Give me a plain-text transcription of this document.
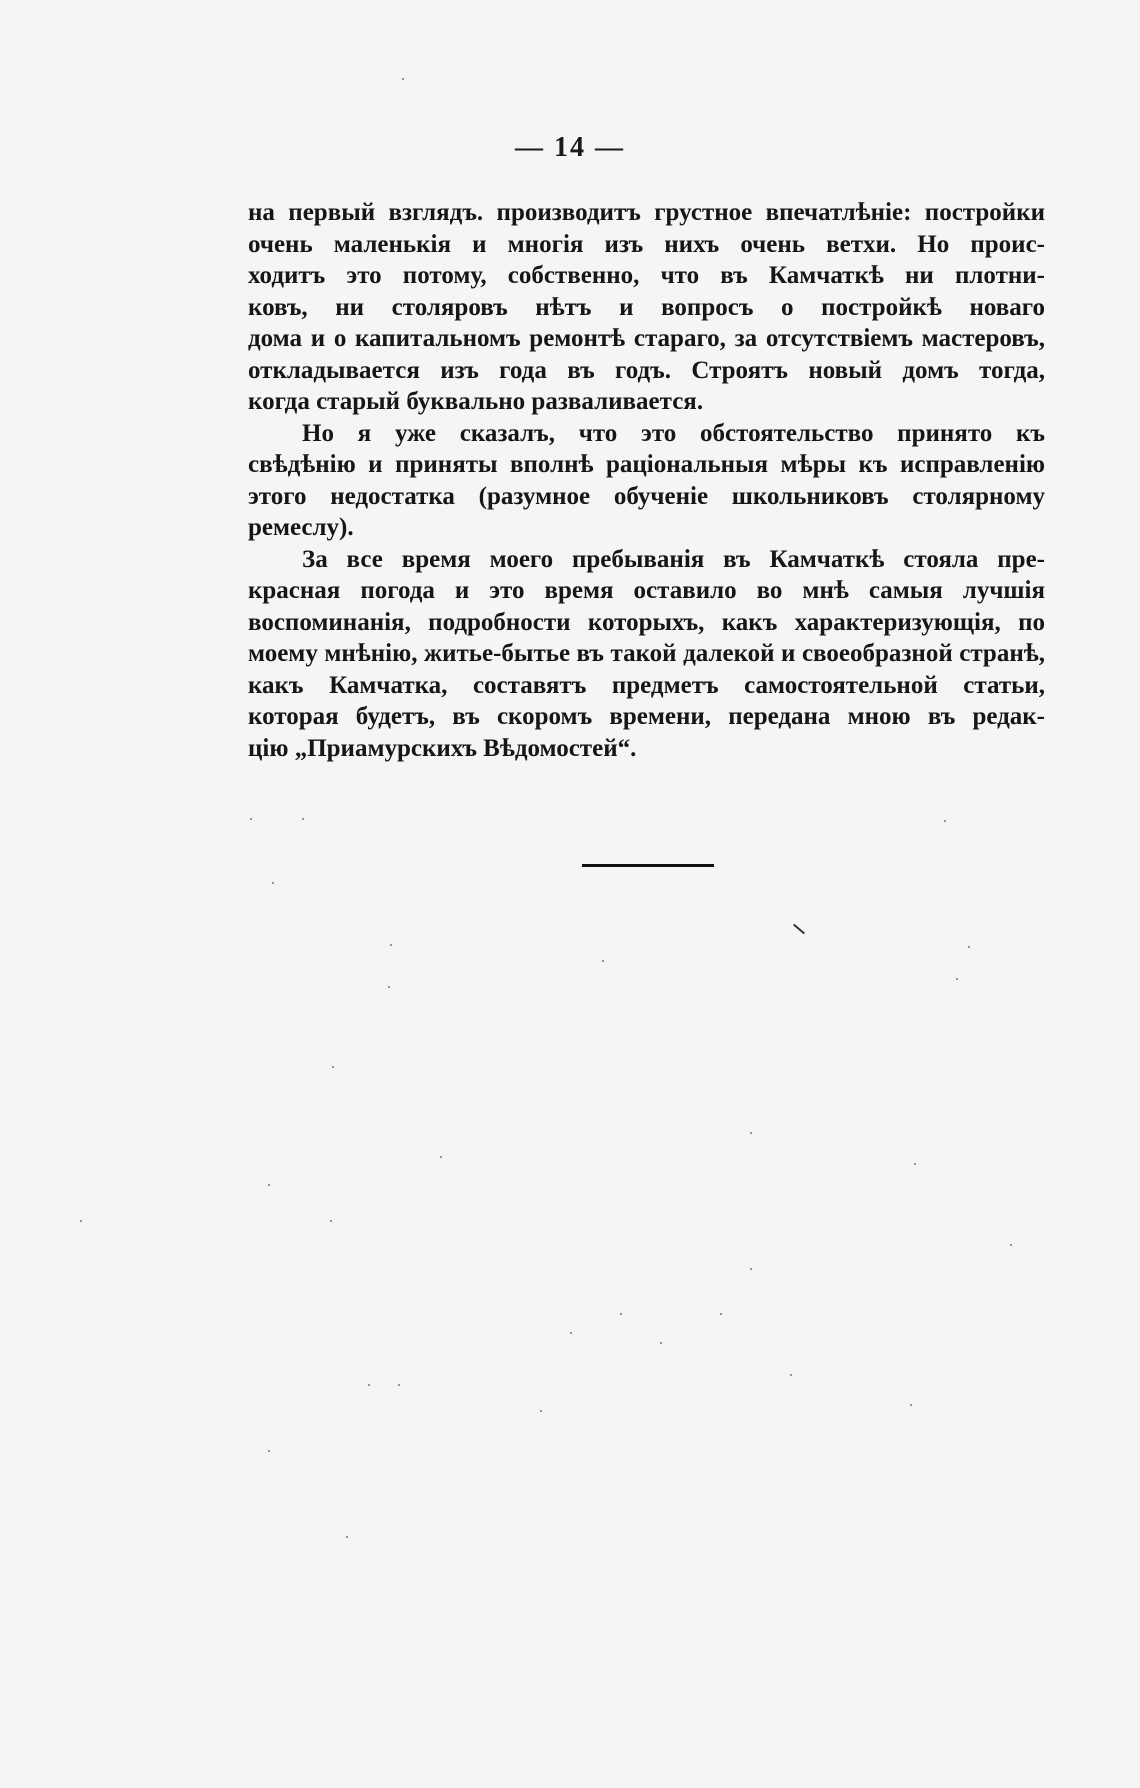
— 14 —
на первый взглядъ. производитъ грустное впечатлѣніе: постройки
очень маленькія и многія изъ нихъ очень ветхи. Но проис-
ходитъ это потому, собственно, что въ Камчаткѣ ни плотни-
ковъ, ни столяровъ нѣтъ и вопросъ о постройкѣ новаго
дома и о капитальномъ ремонтѣ стараго, за отсутствіемъ мастеровъ,
откладывается изъ года въ годъ. Строятъ новый домъ тогда,
когда старый буквально разваливается.
Но я уже сказалъ, что это обстоятельство принято къ
свѣдѣнію и приняты вполнѣ раціональныя мѣры къ исправленію
этого недостатка (разумное обученіе школьниковъ столярному
ремеслу).
За все время моего пребыванія въ Камчаткѣ стояла пре-
красная погода и это время оставило во мнѣ самыя лучшія
воспоминанія, подробности которыхъ, какъ характеризующія, по
моему мнѣнію, житье-бытье въ такой далекой и своеобразной странѣ,
какъ Камчатка, составятъ предметъ самостоятельной статьи,
которая будетъ, въ скоромъ времени, передана мною въ редак-
цію „Приамурскихъ Вѣдомостей“.
